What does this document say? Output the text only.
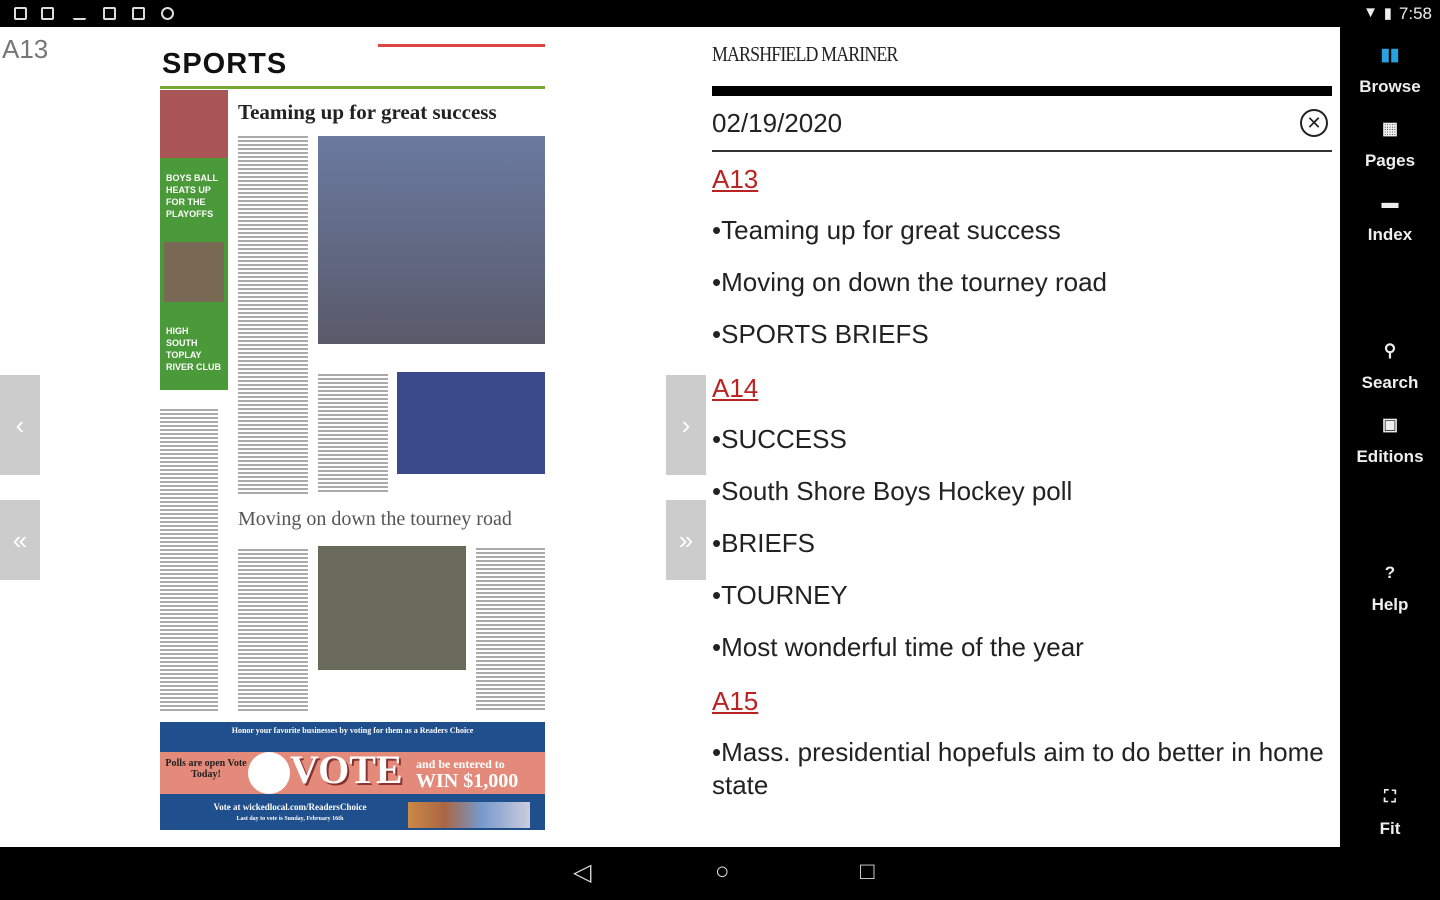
▼ ▮ 7:58
A13	SPORTS
BOYS BALL HEATS UP FOR THE PLAYOFFS
HIGH SOUTH TOPLAY RIVER CLUB
Teaming up for great success
Moving on down the tourney road
Honor your favorite businesses by voting for them as a Readers Choice
Polls are open Vote Today!	VOTE and be entered to
WIN $1,000
Vote at wickedlocal.com/ReadersChoice
Last day to vote is Sunday, February 16th
‹
«
›
»
MARSHFIELD MARINER
02/19/2020	✕
A13
•Teaming up for great success
•Moving on down the tourney road
•SPORTS BRIEFS
A14
•SUCCESS
•South Shore Boys Hockey poll
•BRIEFS
•TOURNEY
•Most wonderful time of the year
A15
•Mass. presidential hopefuls aim to do better in home state
▮▮
Browse
▦
Pages
▬
Index
⚲
Search
▣
Editions
?
Help
⛶
Fit
◁	○	□
